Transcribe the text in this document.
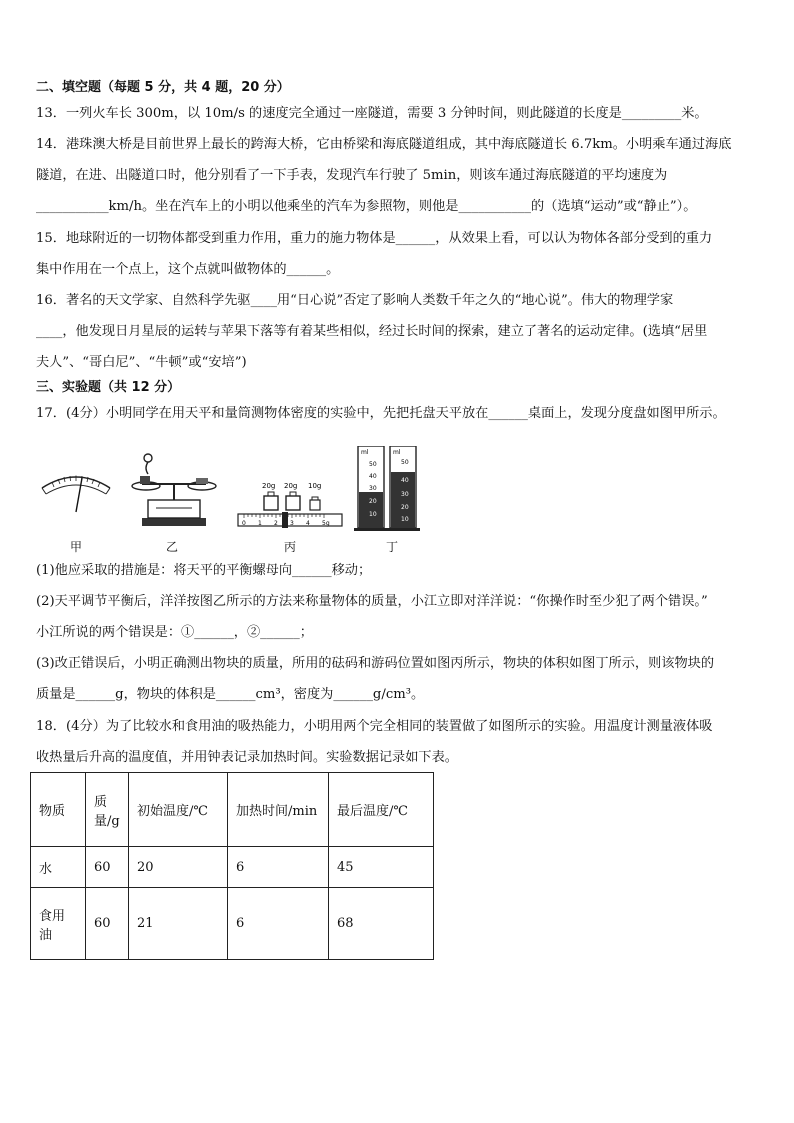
二、填空题（每题 5 分，共 4 题，20 分）
13．一列火车长 300m，以 10m/s 的速度完全通过一座隧道，需要 3 分钟时间，则此隧道的长度是_________米。
14．港珠澳大桥是目前世界上最长的跨海大桥，它由桥梁和海底隧道组成，其中海底隧道长 6.7km。小明乘车通过海底
隧道，在进、出隧道口时，他分别看了一下手表，发现汽车行驶了 5min，则该车通过海底隧道的平均速度为
___________km/h。坐在汽车上的小明以他乘坐的汽车为参照物，则他是___________的（选填“运动”或“静止”）。
15．地球附近的一切物体都受到重力作用，重力的施力物体是______，从效果上看，可以认为物体各部分受到的重力
集中作用在一个点上，这个点就叫做物体的______。
16．著名的天文学家、自然科学先驱____用“日心说”否定了影响人类数千年之久的“地心说”。伟大的物理学家
____，他发现日月星辰的运转与苹果下落等有着某些相似，经过长时间的探索，建立了著名的运动定律。(选填“居里
夫人”、“哥白尼”、“牛顿”或“安培”)
三、实验题（共 12 分）
17．(4分）小明同学在用天平和量筒测物体密度的实验中，先把托盘天平放在______桌面上，发现分度盘如图甲所示。
20g 20g 10g
0 1 2 3 4 5g
ml
50
40
30
20
10
ml
50
40
30
20
10
甲	乙	丙	丁
(1)他应采取的措施是：将天平的平衡螺母向______移动；
(2)天平调节平衡后，洋洋按图乙所示的方法来称量物体的质量，小江立即对洋洋说：“你操作时至少犯了两个错误。”
小江所说的两个错误是：①______，②______；
(3)改正错误后，小明正确测出物块的质量，所用的砝码和游码位置如图丙所示，物块的体积如图丁所示，则该物块的
质量是______g，物块的体积是______cm³，密度为______g/cm³。
18．(4分）为了比较水和食用油的吸热能力，小明用两个完全相同的装置做了如图所示的实验。用温度计测量液体吸
收热量后升高的温度值，并用钟表记录加热时间。实验数据记录如下表。
物质	质量/g	初始温度/℃	加热时间/min	最后温度/℃
水	60	20	6	45
食用油	60	21	6	68
